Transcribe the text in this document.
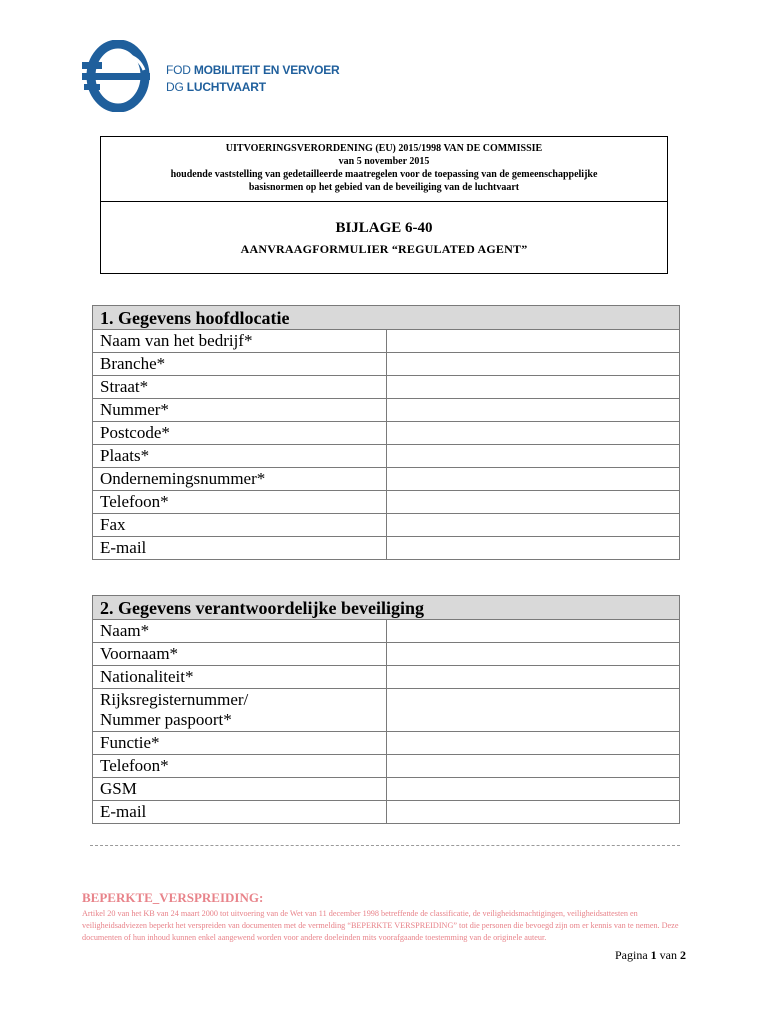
FOD MOBILITEIT EN VERVOER
DG LUCHTVAART
UITVOERINGSVERORDENING (EU) 2015/1998 VAN DE COMMISSIE
van 5 november 2015
houdende vaststelling van gedetailleerde maatregelen voor de toepassing van de gemeenschappelijke
basisnormen op het gebied van de beveiliging van de luchtvaart
BIJLAGE 6-40
AANVRAAGFORMULIER “REGULATED AGENT”
1. Gegevens hoofdlocatie	
Naam van het bedrijf*	
Branche*	
Straat*	
Nummer*	
Postcode*	
Plaats*	
Ondernemingsnummer*	
Telefoon*	
Fax	
E-mail	
2. Gegevens verantwoordelijke beveiliging	
Naam*	
Voornaam*	
Nationaliteit*	
Rijksregisternummer/
Nummer paspoort*	
Functie*	
Telefoon*	
GSM	
E-mail	
BEPERKTE_VERSPREIDING:
Artikel 20 van het KB van 24 maart 2000 tot uitvoering van de Wet van 11 december 1998 betreffende de classificatie, de veiligheidsmachtigingen, veiligheidsattesten en veiligheidsadviezen beperkt het verspreiden van documenten met de vermelding “BEPERKTE VERSPREIDING” tot die personen die bevoegd zijn om er kennis van te nemen. Deze documenten of hun inhoud kunnen enkel aangewend worden voor andere doeleinden mits voorafgaande toestemming van de originele auteur.
Pagina 1 van 2
